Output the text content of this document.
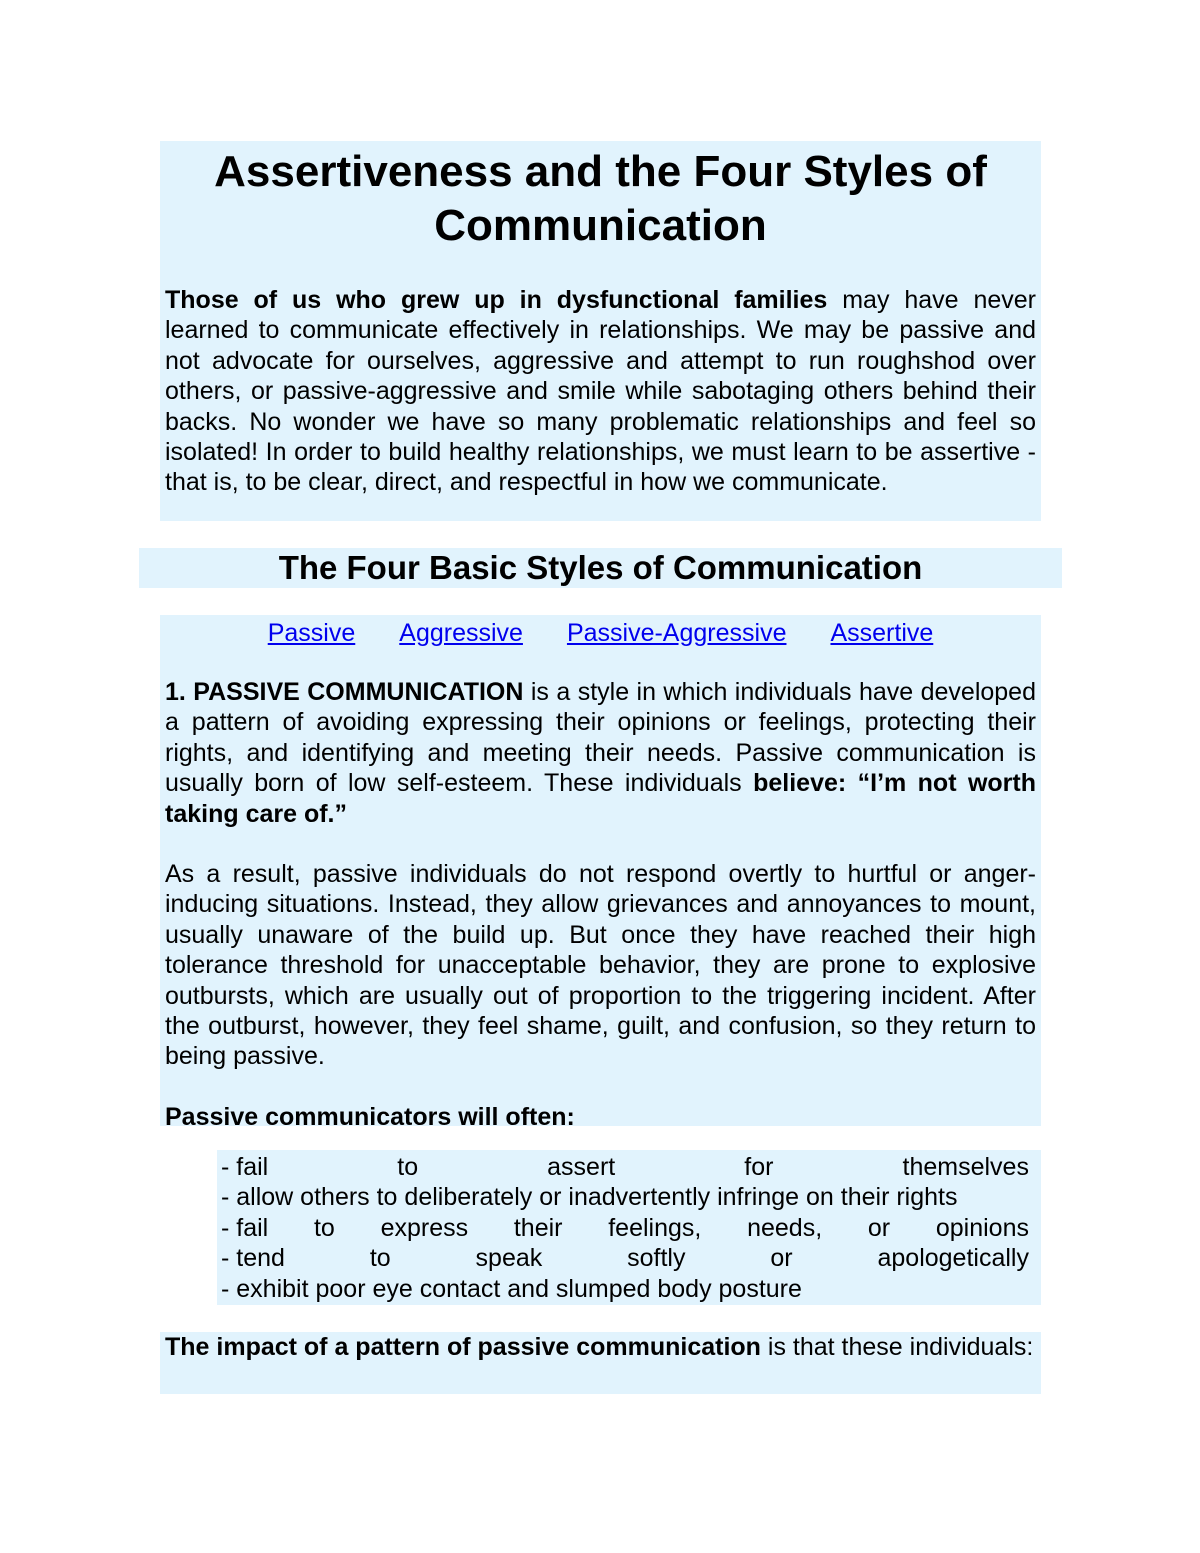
Assertiveness and the Four Styles of Communication

Those of us who grew up in dysfunctional families may have never learned to communicate effectively in relationships. We may be passive and not advocate for ourselves, aggressive and attempt to run roughshod over others, or passive-aggressive and smile while sabotaging others behind their backs. No wonder we have so many problematic relationships and feel so isolated! In order to build healthy relationships, we must learn to be assertive - that is, to be clear, direct, and respectful in how we communicate.

The Four Basic Styles of Communication
Passive Aggressive Passive-Aggressive Assertive

1. PASSIVE COMMUNICATION is a style in which individuals have developed a pattern of avoiding expressing their opinions or feelings, protecting their rights, and identifying and meeting their needs. Passive communication is usually born of low self-esteem. These individuals believe: “I’m not worth taking care of.”

As a result, passive individuals do not respond overtly to hurtful or anger-inducing situations. Instead, they allow grievances and annoyances to mount, usually unaware of the build up. But once they have reached their high tolerance threshold for unacceptable behavior, they are prone to explosive outbursts, which are usually out of proportion to the triggering incident. After the outburst, however, they feel shame, guilt, and confusion, so they return to being passive.

Passive communicators will often:

- fail	to	assert	for	themselves
- allow others to deliberately or inadvertently infringe on their rights
- fail to express their feelings, needs, or opinions
- tend	to	speak	softly	or	apologetically
- exhibit poor eye contact and slumped body posture

The impact of a pattern of passive communication is that these individuals:
